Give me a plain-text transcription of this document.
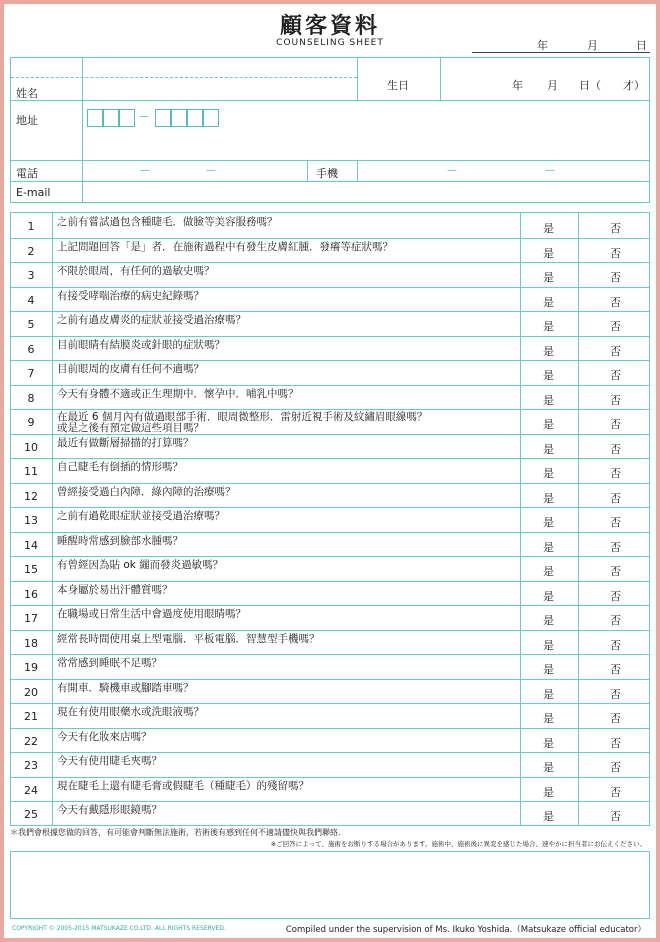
顧客資料
COUNSELING SHEET	年	月	日
姓名
生日	年 月 日（　　才）
地址	—
電話	—	—	手機	—	—
E-mail
1	之前有嘗試過包含種睫毛．做臉等美容服務嗎？	是	否
2	上記問題回答「是」者．在施術過程中有發生皮膚紅腫．發癢等症狀嗎？	是	否
3	不限於眼周，有任何的過敏史嗎？	是	否
4	有接受哮喘治療的病史紀錄嗎？	是	否
5	之前有過皮膚炎的症狀並接受過治療嗎？	是	否
6	目前眼睛有結膜炎或針眼的症狀嗎？	是	否
7	目前眼周的皮膚有任何不適嗎？	是	否
8	今天有身體不適或正生理期中．懷孕中．哺乳中嗎？	是	否
9	在最近 6 個月內有做過眼部手術．眼周微整形．雷射近視手術及紋繡眉眼線嗎？
或是之後有預定做這些項目嗎？	是	否
10	最近有做斷層掃描的打算嗎？	是	否
11	自己睫毛有倒插的情形嗎？	是	否
12	曾經接受過白內障．綠內障的治療嗎？	是	否
13	之前有過乾眼症狀並接受過治療嗎？	是	否
14	睡醒時常感到臉部水腫嗎？	是	否
15	有曾經因為貼 ok 繃而發炎過敏嗎？	是	否
16	本身屬於易出汗體質嗎？	是	否
17	在職場或日常生活中會過度使用眼睛嗎？	是	否
18	經常長時間使用桌上型電腦．平板電腦．智慧型手機嗎？	是	否
19	常常感到睡眠不足嗎？	是	否
20	有開車．騎機車或腳踏車嗎？	是	否
21	現在有使用眼藥水或洗眼液嗎？	是	否
22	今天有化妝來店嗎？	是	否
23	今天有使用睫毛夾嗎？	是	否
24	現在睫毛上還有睫毛膏或假睫毛（種睫毛）的殘留嗎？	是	否
25	今天有戴隱形眼鏡嗎？	是	否
＊我們會根據您做的回答，有可能會判斷無法施術，若術後有感到任何不適請儘快與我們聯絡．
※ご回答によって、施術をお断りする場合があります。施術中、施術後に異変を感じた場合、速やかに担当者にお伝えください。
COPYRIGHT © 2005-2015 MATSUKAZE CO.LTD. ALL RIGHTS RESERVED.	Compiled under the supervision of Ms. Ikuko Yoshida.（Matsukaze official educator）
